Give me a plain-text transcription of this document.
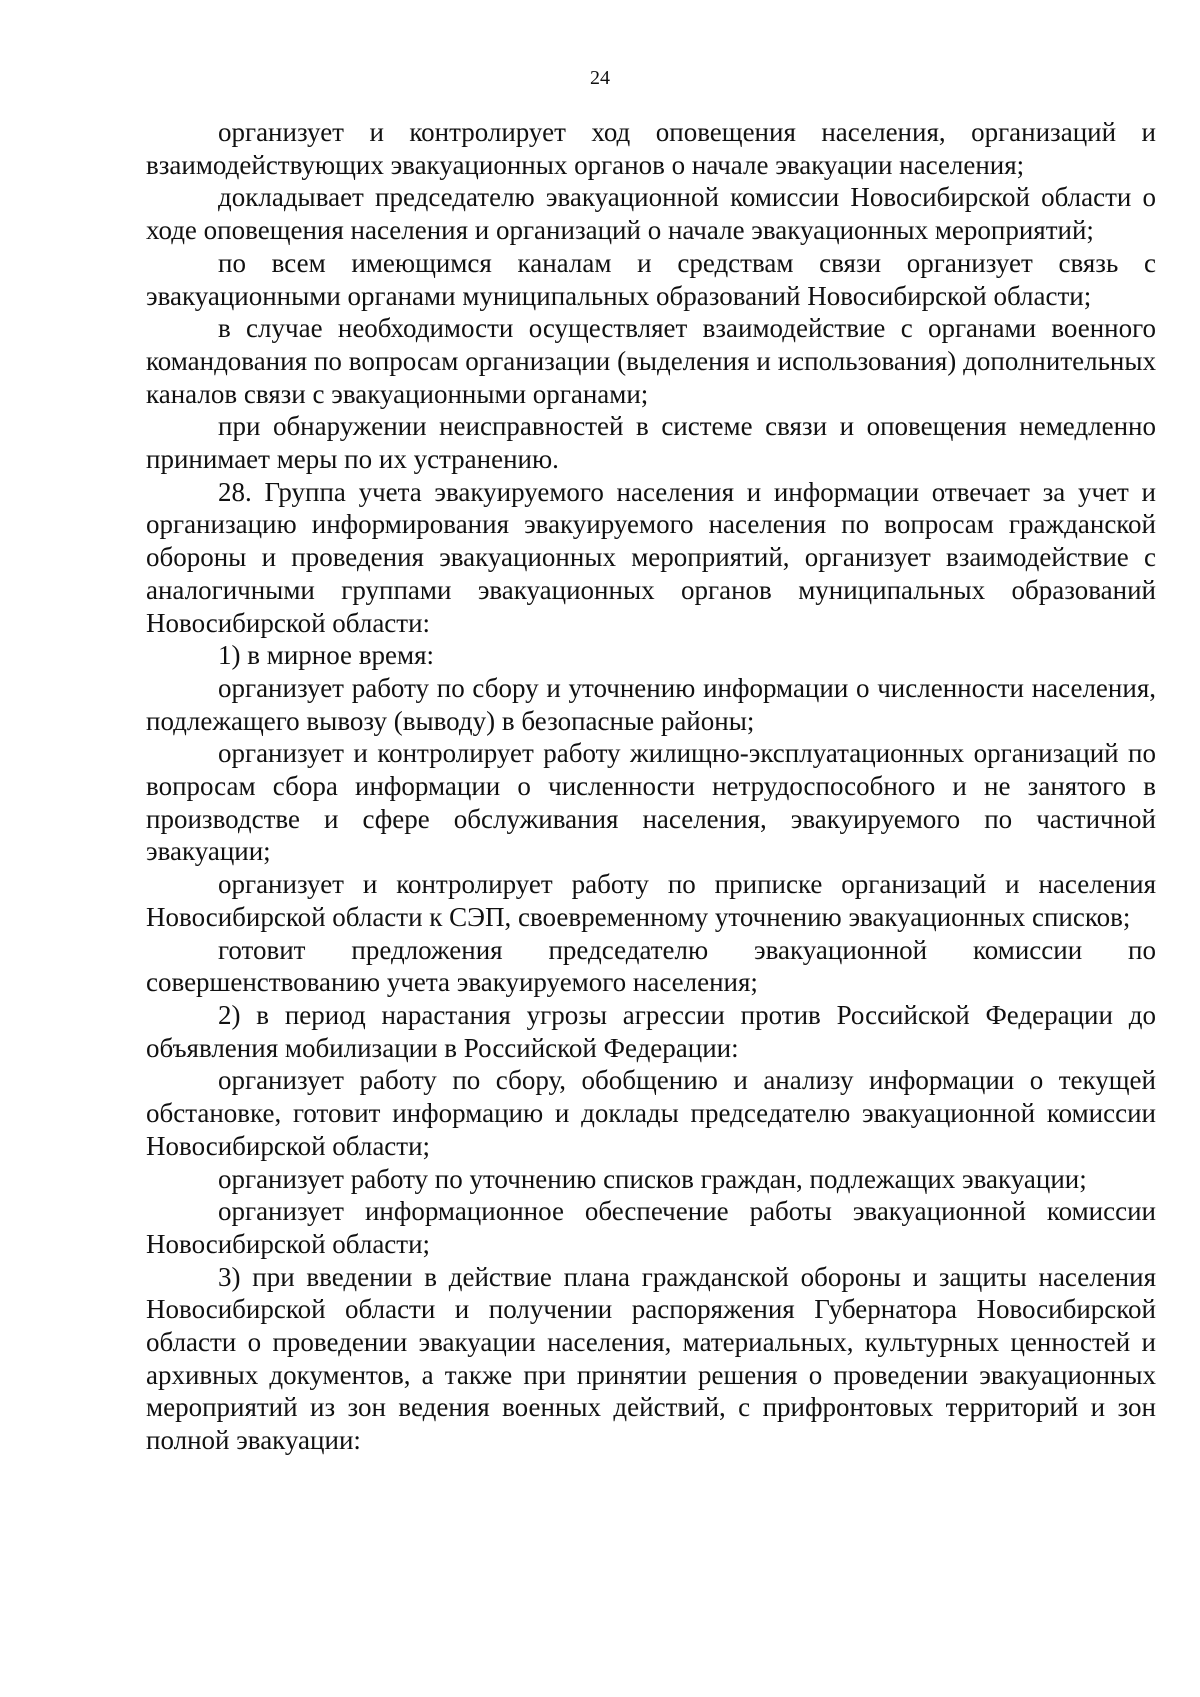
24

организует и контролирует ход оповещения населения, организаций и взаимодействующих эвакуационных органов о начале эвакуации населения;

докладывает председателю эвакуационной комиссии Новосибирской области о ходе оповещения населения и организаций о начале эвакуационных мероприятий;

по всем имеющимся каналам и средствам связи организует связь с эвакуационными органами муниципальных образований Новосибирской области;

в случае необходимости осуществляет взаимодействие с органами военного командования по вопросам организации (выделения и использования) дополнительных каналов связи с эвакуационными органами;

при обнаружении неисправностей в системе связи и оповещения немедленно принимает меры по их устранению.

28. Группа учета эвакуируемого населения и информации отвечает за учет и организацию информирования эвакуируемого населения по вопросам гражданской обороны и проведения эвакуационных мероприятий, организует взаимодействие с аналогичными группами эвакуационных органов муниципальных образований Новосибирской области:

1) в мирное время:

организует работу по сбору и уточнению информации о численности населения, подлежащего вывозу (выводу) в безопасные районы;

организует и контролирует работу жилищно-эксплуатационных организаций по вопросам сбора информации о численности нетрудоспособного и не занятого в производстве и сфере обслуживания населения, эвакуируемого по частичной эвакуации;

организует и контролирует работу по приписке организаций и населения Новосибирской области к СЭП, своевременному уточнению эвакуационных списков;

готовит предложения председателю эвакуационной комиссии по совершенствованию учета эвакуируемого населения;

2) в период нарастания угрозы агрессии против Российской Федерации до объявления мобилизации в Российской Федерации:

организует работу по сбору, обобщению и анализу информации о текущей обстановке, готовит информацию и доклады председателю эвакуационной комиссии Новосибирской области;

организует работу по уточнению списков граждан, подлежащих эвакуации;

организует информационное обеспечение работы эвакуационной комиссии Новосибирской области;

3) при введении в действие плана гражданской обороны и защиты населения Новосибирской области и получении распоряжения Губернатора Новосибирской области о проведении эвакуации населения, материальных, культурных ценностей и архивных документов, а также при принятии решения о проведении эвакуационных мероприятий из зон ведения военных действий, с прифронтовых территорий и зон полной эвакуации:
